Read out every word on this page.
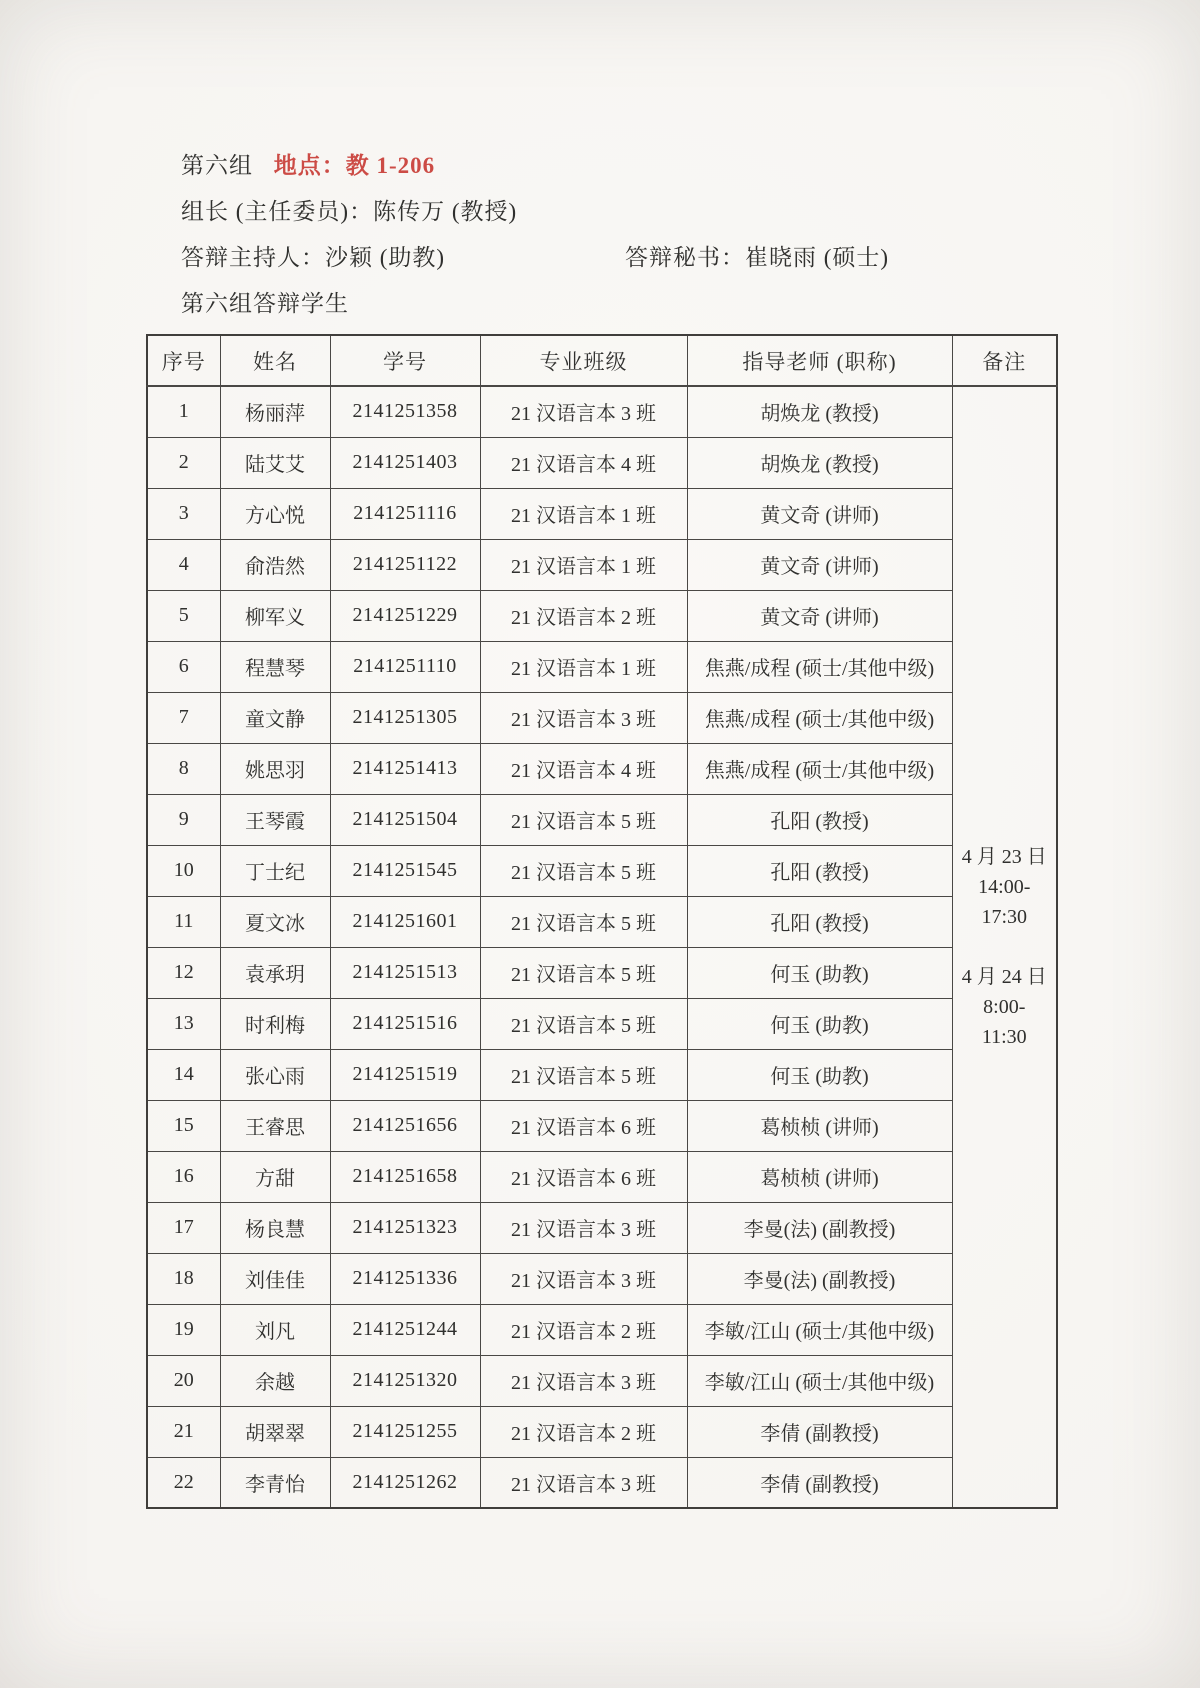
第六组 地点：教 1-206
组长 (主任委员)：陈传万 (教授)
答辩主持人：沙颖 (助教)	答辩秘书：崔晓雨 (硕士)
第六组答辩学生
序号	姓名	学号	专业班级	指导老师 (职称)	备注
1	杨丽萍	2141251358	21 汉语言本 3 班	胡焕龙 (教授)	
4 月 23 日
14:00-
17:30
4 月 24 日
8:00-
11:30

2	陆艾艾	2141251403	21 汉语言本 4 班	胡焕龙 (教授)	
3	方心悦	2141251116	21 汉语言本 1 班	黄文奇 (讲师)	
4	俞浩然	2141251122	21 汉语言本 1 班	黄文奇 (讲师)	
5	柳军义	2141251229	21 汉语言本 2 班	黄文奇 (讲师)	
6	程慧琴	2141251110	21 汉语言本 1 班	焦燕/成程 (硕士/其他中级)	
7	童文静	2141251305	21 汉语言本 3 班	焦燕/成程 (硕士/其他中级)	
8	姚思羽	2141251413	21 汉语言本 4 班	焦燕/成程 (硕士/其他中级)	
9	王琴霞	2141251504	21 汉语言本 5 班	孔阳 (教授)	
10	丁士纪	2141251545	21 汉语言本 5 班	孔阳 (教授)	
11	夏文冰	2141251601	21 汉语言本 5 班	孔阳 (教授)	
12	袁承玥	2141251513	21 汉语言本 5 班	何玉 (助教)	
13	时利梅	2141251516	21 汉语言本 5 班	何玉 (助教)	
14	张心雨	2141251519	21 汉语言本 5 班	何玉 (助教)	
15	王睿思	2141251656	21 汉语言本 6 班	葛桢桢 (讲师)	
16	方甜	2141251658	21 汉语言本 6 班	葛桢桢 (讲师)	
17	杨良慧	2141251323	21 汉语言本 3 班	李曼(法) (副教授)	
18	刘佳佳	2141251336	21 汉语言本 3 班	李曼(法) (副教授)	
19	刘凡	2141251244	21 汉语言本 2 班	李敏/江山 (硕士/其他中级)	
20	余越	2141251320	21 汉语言本 3 班	李敏/江山 (硕士/其他中级)	
21	胡翠翠	2141251255	21 汉语言本 2 班	李倩 (副教授)	
22	李青怡	2141251262	21 汉语言本 3 班	李倩 (副教授)	
